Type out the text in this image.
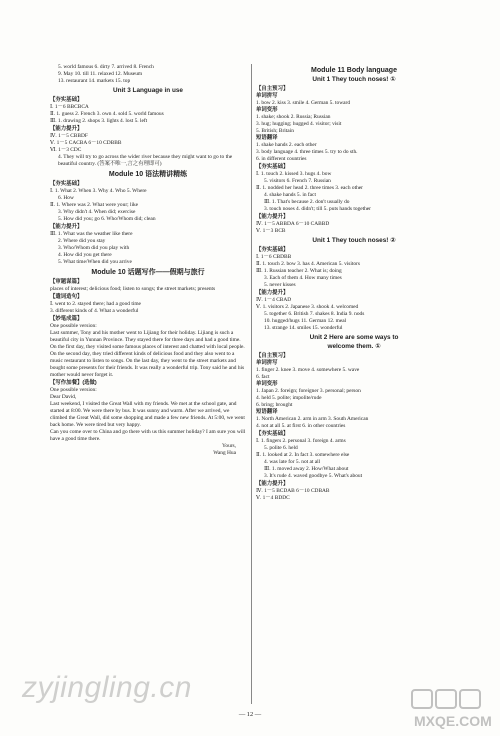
5. world famous 6. dirty 7. arrived 8. French
9. May 10. till 11. relaxed 12. Museum
13. restaurant 14. markets 15. top
Unit 3 Language in use
【夯实基础】
Ⅰ. 1－6 BBCBCA
Ⅱ. 1. guess 2. French 3. own 4. sold 5. world famous
Ⅲ. 1. drawing 2. shops 3. lights 4. lost 5. left
【能力提升】
Ⅳ. 1－5 CBBDF
Ⅴ. 1－5 CACBA 6－10 CDBBB
Ⅵ. 1－3 CDC
4. They will try to go across the wider river because they might want to go to the beautiful country. (答案不唯一,言之有理即可)
Module 10 语法精讲精练
【夯实基础】
Ⅰ. 1. What 2. When 3. Why 4. Who 5. Where
6. How
Ⅱ. 1. Where was 2. What were your; like
3. Why didn't 4. When did; exercise
5. How did you; go 6. Who/Whom did; clean
【能力提升】
Ⅲ. 1. What was the weather like there
2. Where did you stay
3. Who/Whom did you play with
4. How did you get there
5. What time/When did you arrive
Module 10 话题写作——假期与旅行
【审题谋篇】
places of interest; delicious food; listen to songs; the street markets; presents
【遣词造句】
Ⅰ. went to 2. stayed there; had a good time
3. different kinds of 4. What a wonderful
【妙笔成篇】
One possible version:
Last summer, Tony and his mother went to Lijiang for their holiday. Lijiang is such a beautiful city in Yunnan Province. They stayed there for three days and had a good time. On the first day, they visited some famous places of interest and chatted with local people. On the second day, they tried different kinds of delicious food and they also went to a music restaurant to listen to songs. On the last day, they went to the street markets and bought some presents for their friends. It was really a wonderful trip. Tony said he and his mother would never forget it.
【写作加餐】(选做)
One possible version:
Dear David,
Last weekend, I visited the Great Wall with my friends. We met at the school gate, and started at 8:00. We were there by bus. It was sunny and warm. After we arrived, we climbed the Great Wall, did some shopping and made a few new friends. At 5:00, we went back home. We were tired but very happy.
Can you come over to China and go there with us this summer holiday? I am sure you will have a good time there.
Yours,
Wang Hua
Module 11 Body language
Unit 1 They touch noses! ①
【自主预习】
单词拼写
1. bow 2. kiss 3. smile 4. German 5. toward
单词变形
1. shake; shook 2. Russia; Russian
3. hug; hugging; hugged 4. visitor; visit
5. British; Britain
短语翻译
1. shake hands 2. each other
3. body language 4. three times 5. try to do sth.
6. in different countries
【夯实基础】
Ⅰ. 1. touch 2. kissed 3. hugs 4. bow
5. visitors 6. French 7. Russian
Ⅱ. 1. nodded her head 2. three times 3. each other
4. shake hands 5. in fact
Ⅲ. 1. That's because 2. don't usually do
3. touch noses 4. didn't; till 5. puts hands together
【能力提升】
Ⅳ. 1－5 ABBDA 6－10 CABBD
Ⅴ. 1－3 BCB
Unit 1 They touch noses! ②
【夯实基础】
Ⅰ. 1－6 CBDBB
Ⅱ. 1. touch 2. bow 3. has 4. American 5. visitors
Ⅲ. 1. Russian teacher 2. What is; doing
3. Each of them 4. How many times
5. never kisses
【能力提升】
Ⅳ. 1－4 CBAD
Ⅴ. 1. visitors 2. Japanese 3. shook 4. welcomed
5. together 6. British 7. shakes 8. India 9. nods
10. hugged/hugs 11. German 12. meal
13. strange 14. smiles 15. wonderful
Unit 2 Here are some ways to
welcome them. ①
【自主预习】
单词拼写
1. finger 2. knee 3. move 4. somewhere 5. wave
6. fact
单词变形
1. Japan 2. foreign; foreigner 3. personal; person
4. held 5. polite; impolite/rude
6. bring; brought
短语翻译
1. North American 2. arm in arm 3. South American
4. not at all 5. at first 6. in other countries
【夯实基础】
Ⅰ. 1. fingers 2. personal 3. foreign 4. arms
5. polite 6. held
Ⅱ. 1. looked at 2. In fact 3. somewhere else
4. was late for 5. not at all
Ⅲ. 1. moved away 2. How/What about
3. It's rude 4. waved goodbye 5. What's about
【能力提升】
Ⅳ. 1－5 BCDAB 6－10 CDBAB
Ⅴ. 1－4 BDDC
— 12 —
zyjingling.cn
MXQE.COM
